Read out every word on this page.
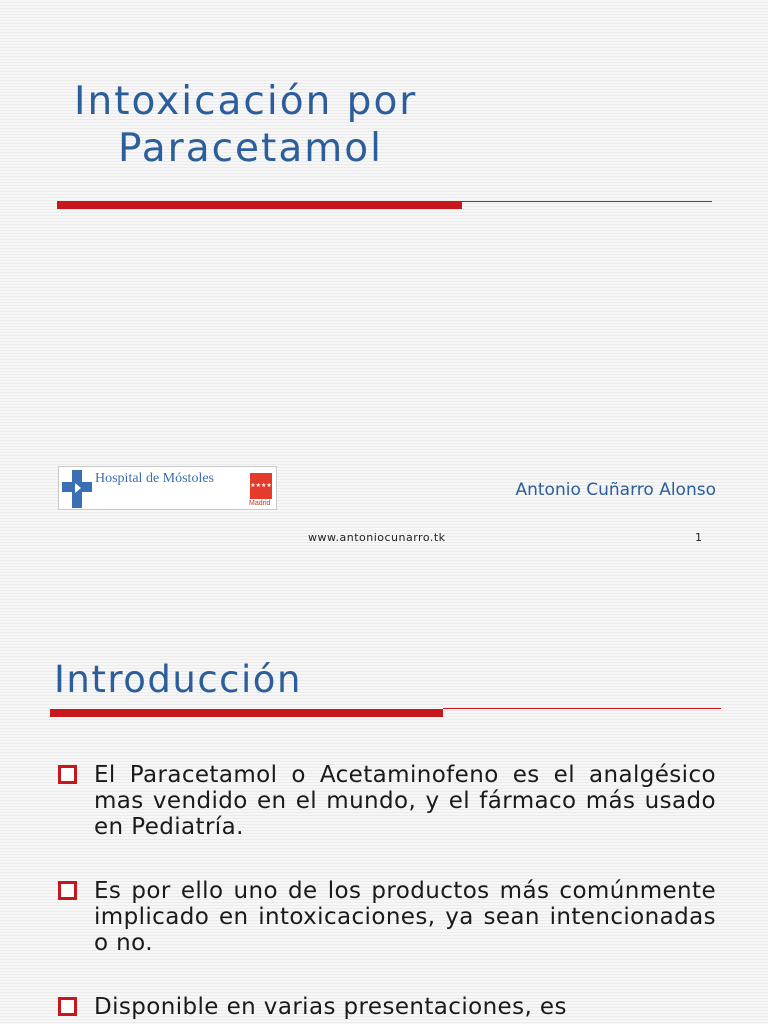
Intoxicación por
Paracetamol
Hospital de Móstoles	★★★★
Madrid
Antonio Cuñarro Alonso
www.antoniocunarro.tk	1
Introducción
El Paracetamol o Acetaminofeno es el analgésico mas vendido en el mundo, y el fármaco más usado en Pediatría.
Es por ello uno de los productos más comúnmente implicado en intoxicaciones, ya sean intencionadas o no.
Disponible en varias presentaciones, es
